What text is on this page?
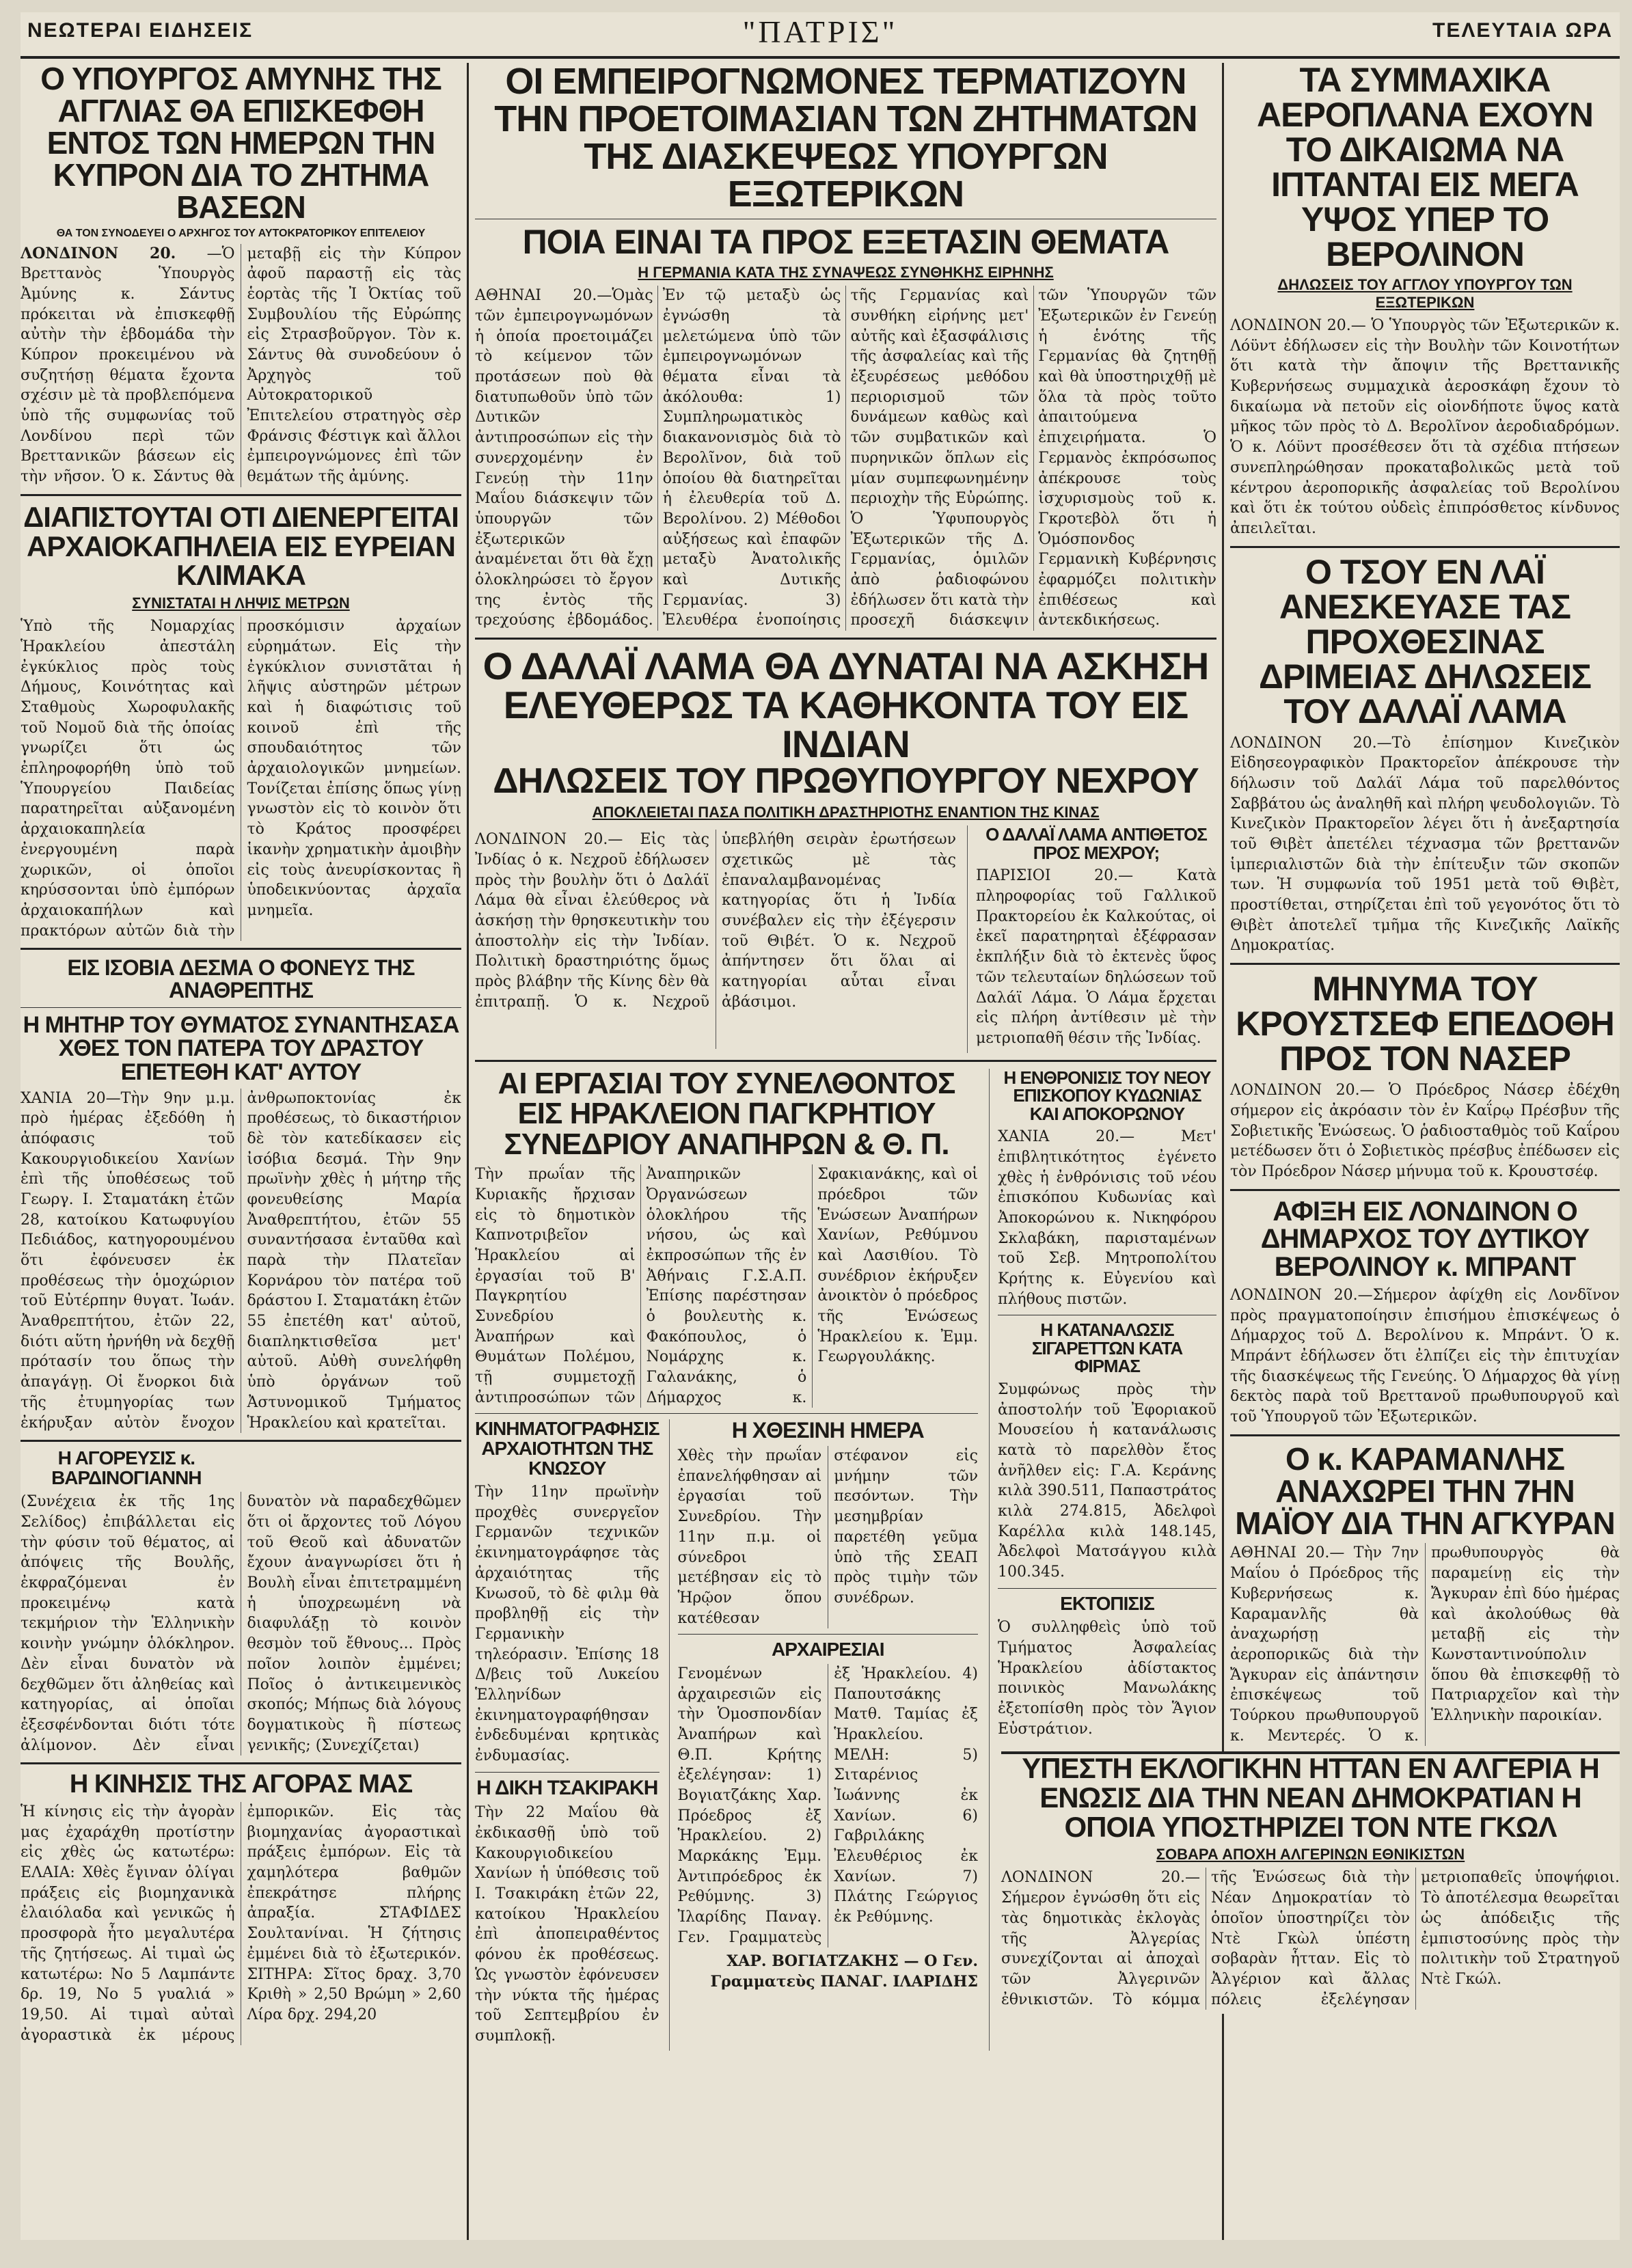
ΝΕΩΤΕΡΑΙ ΕΙΔΗΣΕΙΣ	"ΠΑΤΡΙΣ"	ΤΕΛΕΥΤΑΙΑ ΩΡΑ
Ο ΥΠΟΥΡΓΟΣ ΑΜΥΝΗΣ ΤΗΣ ΑΓΓΛΙΑΣ ΘΑ ΕΠΙΣΚΕΦΘΗ ΕΝΤΟΣ ΤΩΝ ΗΜΕΡΩΝ ΤΗΝ ΚΥΠΡΟΝ ΔΙΑ ΤΟ ΖΗΤΗΜΑ ΒΑΣΕΩΝ
ΘΑ ΤΟΝ ΣΥΝΟΔΕΥΕΙ Ο ΑΡΧΗΓΟΣ ΤΟΥ ΑΥΤΟΚΡΑΤΟΡΙΚΟΥ ΕΠΙΤΕΛΕΙΟΥ
ΛΟΝΔΙΝΟΝ 20. —Ὁ Βρεττανὸς Ὑπουργὸς Ἀμύνης κ. Σάντυς πρόκειται νὰ ἐπισκεφθῇ αὐτὴν τὴν ἑβδομάδα τὴν Κύπρον προκειμένου νὰ συζητήσῃ θέματα ἔχοντα σχέσιν μὲ τὰ προβλεπόμενα ὑπὸ τῆς συμφωνίας τοῦ Λονδίνου περὶ τῶν Βρεττανικῶν βάσεων εἰς τὴν νῆσον. Ὁ κ. Σάντυς θὰ μεταβῇ εἰς τὴν Κύπρον ἀφοῦ παραστῇ εἰς τὰς ἑορτὰς τῆς Ἰ Ὀκτίας τοῦ Συμβουλίου τῆς Εὐρώπης εἰς Στρασβοῦργον. Τὸν κ. Σάντυς θὰ συνοδεύουν ὁ Ἀρχηγὸς τοῦ Αὐτοκρατορικοῦ Ἐπιτελείου στρατηγὸς σὲρ Φράνσις Φέστιγκ καὶ ἄλλοι ἐμπειρογνώμονες ἐπὶ τῶν θεμάτων τῆς ἀμύνης.
ΔΙΑΠΙΣΤΟΥΤΑΙ ΟΤΙ ΔΙΕΝΕΡΓΕΙΤΑΙ ΑΡΧΑΙΟΚΑΠΗΛΕΙΑ ΕΙΣ ΕΥΡΕΙΑΝ ΚΛΙΜΑΚΑ
ΣΥΝΙΣΤΑΤΑΙ Η ΛΗΨΙΣ ΜΕΤΡΩΝ
Ὑπὸ τῆς Νομαρχίας Ἡρακλείου ἀπεστάλη ἐγκύκλιος πρὸς τοὺς Δήμους, Κοινότητας καὶ Σταθμοὺς Χωροφυλακῆς τοῦ Νομοῦ διὰ τῆς ὁποίας γνωρίζει ὅτι ὡς ἐπληροφορήθη ὑπὸ τοῦ Ὑπουργείου Παιδείας παρατηρεῖται αὐξανομένη ἀρχαιοκαπηλεία ἐνεργουμένη παρὰ χωρικῶν, οἱ ὁποῖοι κηρύσσονται ὑπὸ ἐμπόρων ἀρχαιοκαπήλων καὶ πρακτόρων αὐτῶν διὰ τὴν προσκόμισιν ἀρχαίων εὑρημάτων. Εἰς τὴν ἐγκύκλιον συνιστᾶται ἡ λῆψις αὐστηρῶν μέτρων καὶ ἡ διαφώτισις τοῦ κοινοῦ ἐπὶ τῆς σπουδαιότητος τῶν ἀρχαιολογικῶν μνημείων. Τονίζεται ἐπίσης ὅπως γίνῃ γνωστὸν εἰς τὸ κοινὸν ὅτι τὸ Κράτος προσφέρει ἱκανὴν χρηματικὴν ἀμοιβὴν εἰς τοὺς ἀνευρίσκοντας ἢ ὑποδεικνύοντας ἀρχαῖα μνημεῖα.
ΕΙΣ ΙΣΟΒΙΑ ΔΕΣΜΑ Ο ΦΟΝΕΥΣ ΤΗΣ ΑΝΑΘΡΕΠΤΗΣ
Η ΜΗΤΗΡ ΤΟΥ ΘΥΜΑΤΟΣ ΣΥΝΑΝΤΗΣΑΣΑ ΧΘΕΣ ΤΟΝ ΠΑΤΕΡΑ ΤΟΥ ΔΡΑΣΤΟΥ ΕΠΕΤΕΘΗ ΚΑΤ' ΑΥΤΟΥ
ΧΑΝΙΑ 20—Τὴν 9ην μ.μ. πρὸ ἡμέρας ἐξεδόθη ἡ ἀπόφασις τοῦ Κακουργιοδικείου Χανίων ἐπὶ τῆς ὑποθέσεως τοῦ Γεωργ. Ι. Σταματάκη ἐτῶν 28, κατοίκου Κατωφυγίου Πεδιάδος, κατηγορουμένου ὅτι ἐφόνευσεν ἐκ προθέσεως τὴν ὁμοχώριον τοῦ Εὐτέρπην θυγατ. Ἰωάν. Ἀναθρεπτήτου, ἐτῶν 22, διότι αὕτη ἠρνήθη νὰ δεχθῇ πρότασίν του ὅπως τὴν ἀπαγάγῃ. Οἱ ἔνορκοι διὰ τῆς ἐτυμηγορίας των ἐκήρυξαν αὐτὸν ἔνοχον ἀνθρωποκτονίας ἐκ προθέσεως, τὸ δικαστήριον δὲ τὸν κατεδίκασεν εἰς ἰσόβια δεσμά. Τὴν 9ην πρωϊνὴν χθὲς ἡ μήτηρ τῆς φονευθείσης Μαρία Ἀναθρεπτήτου, ἐτῶν 55 συναντήσασα ἐνταῦθα καὶ παρὰ τὴν Πλατεῖαν Κορνάρου τὸν πατέρα τοῦ δράστου Ι. Σταματάκη ἐτῶν 55 ἐπετέθη κατ' αὐτοῦ, διαπληκτισθεῖσα μετ' αὐτοῦ. Αὐθὴ συνελήφθη ὑπὸ ὀργάνων τοῦ Ἀστυνομικοῦ Τμήματος Ἡρακλείου καὶ κρατεῖται.
Η ΑΓΟΡΕΥΣΙΣ κ. ΒΑΡΔΙΝΟΓΙΑΝΝΗ
(Συνέχεια ἐκ τῆς 1ης Σελίδος) ἐπιβάλλεται εἰς τὴν φύσιν τοῦ θέματος, αἱ ἀπόψεις τῆς Βουλῆς, ἐκφραζόμεναι ἐν προκειμένῳ κατὰ τεκμήριον τὴν Ἑλληνικὴν κοινὴν γνώμην ὁλόκληρον. Δὲν εἶναι δυνατὸν νὰ δεχθῶμεν ὅτι ἀληθείας καὶ κατηγορίας, αἱ ὁποῖαι ἐξεσφένδονται διότι τότε ἀλίμονον. Δὲν εἶναι δυνατὸν νὰ παραδεχθῶμεν ὅτι οἱ ἄρχοντες τοῦ Λόγου τοῦ Θεοῦ καὶ ἀδυνατῶν ἔχουν ἀναγνωρίσει ὅτι ἡ Βουλὴ εἶναι ἐπιτετραμμένη ἡ ὑποχρεωμένη νὰ διαφυλάξῃ τὸ κοινὸν θεσμὸν τοῦ ἔθνους... Πρὸς ποῖον λοιπὸν ἐμμένει; Ποῖος ὁ ἀντικειμενικὸς σκοπός; Μήπως διὰ λόγους δογματικοὺς ἢ πίστεως γενικῆς; (Συνεχίζεται)
Η ΚΙΝΗΣΙΣ ΤΗΣ ΑΓΟΡΑΣ ΜΑΣ
Ἡ κίνησις εἰς τὴν ἀγορὰν μας ἐχαράχθη προτίστην εἰς χθὲς ὡς κατωτέρω: ΕΛΑΙΑ: Χθὲς ἔγιναν ὀλίγαι πράξεις εἰς βιομηχανικὰ ἐλαιόλαδα καὶ γενικῶς ἡ προσφορὰ ἦτο μεγαλυτέρα τῆς ζητήσεως. Αἱ τιμαὶ ὡς κατωτέρω: Νο 5 Λαμπάντε δρ. 19, Νο 5 γυαλιά » 19,50. Αἱ τιμαὶ αὐταὶ ἀγοραστικὰ ἐκ μέρους ἐμπορικῶν. Εἰς τὰς βιομηχανίας ἀγοραστικαὶ πράξεις ἐμπόρων. Εἰς τὰ χαμηλότερα βαθμῶν ἐπεκράτησε πλήρης ἀπραξία. ΣΤΑΦΙΔΕΣ Σουλτανίναι. Ἡ ζήτησις ἐμμένει διὰ τὸ ἐξωτερικόν. ΣΙΤΗΡΑ: Σῖτος δραχ. 3,70 Κριθὴ » 2,50 Βρώμη » 2,60 Λίρα δρχ. 294,20
ΟΙ ΕΜΠΕΙΡΟΓΝΩΜΟΝΕΣ ΤΕΡΜΑΤΙΖΟΥΝ ΤΗΝ ΠΡΟΕΤΟΙΜΑΣΙΑΝ ΤΩΝ ΖΗΤΗΜΑΤΩΝ ΤΗΣ ΔΙΑΣΚΕΨΕΩΣ ΥΠΟΥΡΓΩΝ ΕΞΩΤΕΡΙΚΩΝ
ΠΟΙΑ ΕΙΝΑΙ ΤΑ ΠΡΟΣ ΕΞΕΤΑΣΙΝ ΘΕΜΑΤΑ
Η ΓΕΡΜΑΝΙΑ ΚΑΤΑ ΤΗΣ ΣΥΝΑΨΕΩΣ ΣΥΝΘΗΚΗΣ ΕΙΡΗΝΗΣ
ΑΘΗΝΑΙ 20.—Ὁμὰς τῶν ἐμπειρογνωμόνων ἡ ὁποία προετοιμάζει τὸ κείμενον τῶν προτάσεων ποὺ θὰ διατυπωθοῦν ὑπὸ τῶν Δυτικῶν ἀντιπροσώπων εἰς τὴν συνερχομένην ἐν Γενεύῃ τὴν 11ην Μαΐου διάσκεψιν τῶν ὑπουργῶν τῶν ἐξωτερικῶν ἀναμένεται ὅτι θὰ ἔχῃ ὁλοκληρώσει τὸ ἔργον της ἐντὸς τῆς τρεχούσης ἑβδομάδος. Ἐν τῷ μεταξὺ ὡς ἐγνώσθη τὰ μελετώμενα ὑπὸ τῶν ἐμπειρογνωμόνων θέματα εἶναι τὰ ἀκόλουθα: 1) Συμπληρωματικὸς διακανονισμὸς διὰ τὸ Βερολῖνον, διὰ τοῦ ὁποίου θὰ διατηρεῖται ἡ ἐλευθερία τοῦ Δ. Βερολίνου. 2) Μέθοδοι αὐξήσεως καὶ ἐπαφῶν μεταξὺ Ἀνατολικῆς καὶ Δυτικῆς Γερμανίας. 3) Ἐλευθέρα ἑνοποίησις τῆς Γερμανίας καὶ συνθήκη εἰρήνης μετ' αὐτῆς καὶ ἐξασφάλισις τῆς ἀσφαλείας καὶ τῆς ἐξευρέσεως μεθόδου περιορισμοῦ τῶν δυνάμεων καθὼς καὶ τῶν συμβατικῶν καὶ πυρηνικῶν ὅπλων εἰς μίαν συμπεφωνημένην περιοχὴν τῆς Εὐρώπης. Ὁ Ὑφυπουργὸς Ἐξωτερικῶν τῆς Δ. Γερμανίας, ὁμιλῶν ἀπὸ ῥαδιοφώνου ἐδήλωσεν ὅτι κατὰ τὴν προσεχῆ διάσκεψιν τῶν Ὑπουργῶν τῶν Ἐξωτερικῶν ἐν Γενεύῃ ἡ ἑνότης τῆς Γερμανίας θὰ ζητηθῇ καὶ θὰ ὑποστηριχθῇ μὲ ὅλα τὰ πρὸς τοῦτο ἀπαιτούμενα ἐπιχειρήματα. Ὁ Γερμανὸς ἐκπρόσωπος ἀπέκρουσε τοὺς ἰσχυρισμοὺς τοῦ κ. Γκροτεβὸλ ὅτι ἡ Ὁμόσπονδος Γερμανικὴ Κυβέρνησις ἐφαρμόζει πολιτικὴν ἐπιθέσεως καὶ ἀντεκδικήσεως.
Ο ΔΑΛΑΪ ΛΑΜΑ ΘΑ ΔΥΝΑΤΑΙ ΝΑ ΑΣΚΗΣΗ
ΕΛΕΥΘΕΡΩΣ ΤΑ ΚΑΘΗΚΟΝΤΑ ΤΟΥ ΕΙΣ ΙΝΔΙΑΝ
ΔΗΛΩΣΕΙΣ ΤΟΥ ΠΡΩΘΥΠΟΥΡΓΟΥ ΝΕΧΡΟΥ
ΑΠΟΚΛΕΙΕΤΑΙ ΠΑΣΑ ΠΟΛΙΤΙΚΗ ΔΡΑΣΤΗΡΙΟΤΗΣ ΕΝΑΝΤΙΟΝ ΤΗΣ ΚΙΝΑΣ
ΛΟΝΔΙΝΟΝ 20.— Εἰς τὰς Ἰνδίας ὁ κ. Νεχροῦ ἐδήλωσεν πρὸς τὴν βουλὴν ὅτι ὁ Δαλάϊ Λάμα θὰ εἶναι ἐλεύθερος νὰ ἀσκήσῃ τὴν θρησκευτικὴν του ἀποστολὴν εἰς τὴν Ἰνδίαν. Πολιτικὴ δραστηριότης ὅμως πρὸς βλάβην τῆς Κίνης δὲν θὰ ἐπιτραπῇ. Ὁ κ. Νεχροῦ ὑπεβλήθη σειρὰν ἐρωτήσεων σχετικῶς μὲ τὰς ἐπαναλαμβανομένας κατηγορίας ὅτι ἡ Ἰνδία συνέβαλεν εἰς τὴν ἐξέγερσιν τοῦ Θιβέτ. Ὁ κ. Νεχροῦ ἀπήντησεν ὅτι ὅλαι αἱ κατηγορίαι αὗται εἶναι ἀβάσιμοι.
Ο ΔΑΛΑΪ ΛΑΜΑ ΑΝΤΙΘΕΤΟΣ ΠΡΟΣ ΜΕΧΡΟΥ;
ΠΑΡΙΣΙΟΙ 20.— Κατὰ πληροφορίας τοῦ Γαλλικοῦ Πρακτορείου ἐκ Καλκούτας, οἱ ἐκεῖ παρατηρηταὶ ἐξέφρασαν ἐκπλήξιν διὰ τὸ ἐκτενὲς ὕφος τῶν τελευταίων δηλώσεων τοῦ Δαλάϊ Λάμα. Ὁ Λάμα ἔρχεται εἰς πλήρη ἀντίθεσιν μὲ τὴν μετριοπαθῆ θέσιν τῆς Ἰνδίας.
ΑΙ ΕΡΓΑΣΙΑΙ ΤΟΥ ΣΥΝΕΛΘΟΝΤΟΣ ΕΙΣ ΗΡΑΚΛΕΙΟΝ ΠΑΓΚΡΗΤΙΟΥ ΣΥΝΕΔΡΙΟΥ ΑΝΑΠΗΡΩΝ & Θ. Π.
Τὴν πρωΐαν τῆς Κυριακῆς ἤρχισαν εἰς τὸ δημοτικὸν Καπνοτριβεῖον Ἡρακλείου αἱ ἐργασίαι τοῦ Β' Παγκρητίου Συνεδρίου Ἀναπήρων καὶ Θυμάτων Πολέμου, τῇ συμμετοχῇ ἀντιπροσώπων τῶν Ἀναπηρικῶν Ὀργανώσεων ὁλοκλήρου τῆς νήσου, ὡς καὶ ἐκπροσώπων τῆς ἐν Ἀθήναις Γ.Σ.Α.Π. Ἐπίσης παρέστησαν ὁ βουλευτὴς κ. Φακόπουλος, ὁ Νομάρχης κ. Γαλανάκης, ὁ Δήμαρχος κ. Σφακιανάκης, καὶ οἱ πρόεδροι τῶν Ἑνώσεων Ἀναπήρων Χανίων, Ρεθύμνου καὶ Λασιθίου. Τὸ συνέδριον ἐκήρυξεν ἀνοικτὸν ὁ πρόεδρος τῆς Ἑνώσεως Ἡρακλείου κ. Ἐμμ. Γεωργουλάκης.
ΚΙΝΗΜΑΤΟΓΡΑΦΗΣΙΣ ΑΡΧΑΙΟΤΗΤΩΝ ΤΗΣ ΚΝΩΣΟΥ
Τὴν 11ην πρωϊνὴν προχθὲς συνεργεῖον Γερμανῶν τεχνικῶν ἐκινηματογράφησε τὰς ἀρχαιότητας τῆς Κνωσοῦ, τὸ δὲ φιλμ θὰ προβληθῇ εἰς τὴν Γερμανικὴν τηλεόρασιν. Ἐπίσης 18 Δ/βεις τοῦ Λυκείου Ἑλληνίδων ἐκινηματογραφήθησαν ἐνδεδυμέναι κρητικὰς ἐνδυμασίας.
Η ΔΙΚΗ ΤΣΑΚΙΡΑΚΗ
Τὴν 22 Μαΐου θὰ ἐκδικασθῇ ὑπὸ τοῦ Κακουργιοδικείου Χανίων ἡ ὑπόθεσις τοῦ Ι. Τσακιράκη ἐτῶν 22, κατοίκου Ἡρακλείου ἐπὶ ἀποπειραθέντος φόνου ἐκ προθέσεως. Ὡς γνωστὸν ἐφόνευσεν τὴν νύκτα τῆς ἡμέρας τοῦ Σεπτεμβρίου ἐν συμπλοκῇ.
Η ΧΘΕΣΙΝΗ ΗΜΕΡΑ
Χθὲς τὴν πρωΐαν ἐπανελήφθησαν αἱ ἐργασίαι τοῦ Συνεδρίου. Τὴν 11ην π.μ. οἱ σύνεδροι μετέβησαν εἰς τὸ Ἡρῷον ὅπου κατέθεσαν στέφανον εἰς μνήμην τῶν πεσόντων. Τὴν μεσημβρίαν παρετέθη γεῦμα ὑπὸ τῆς ΣΕΑΠ πρὸς τιμὴν τῶν συνέδρων.
ΑΡΧΑΙΡΕΣΙΑΙ
Γενομένων ἀρχαιρεσιῶν εἰς τὴν Ὁμοσπονδίαν Ἀναπήρων καὶ Θ.Π. Κρήτης ἐξελέγησαν: 1) Βογιατζάκης Χαρ. Πρόεδρος ἐξ Ἡρακλείου. 2) Μαρκάκης Ἐμμ. Ἀντιπρόεδρος ἐκ Ρεθύμνης. 3) Ἰλαρίδης Παναγ. Γεν. Γραμματεὺς ἐξ Ἡρακλείου. 4) Παπουτσάκης Ματθ. Ταμίας ἐξ Ἡρακλείου. ΜΕΛΗ: 5) Σιταρένιος Ἰωάννης ἐκ Χανίων. 6) Γαβριλάκης Ἐλευθέριος ἐκ Χανίων. 7) Πλάτης Γεώργιος ἐκ Ρεθύμνης.
ΧΑΡ. ΒΟΓΙΑΤΖΑΚΗΣ — Ο Γεν. Γραμματεὺς ΠΑΝΑΓ. ΙΛΑΡΙΔΗΣ
Η ΕΝΘΡΟΝΙΣΙΣ ΤΟΥ ΝΕΟΥ ΕΠΙΣΚΟΠΟΥ ΚΥΔΩΝΙΑΣ ΚΑΙ ΑΠΟΚΟΡΩΝΟΥ
ΧΑΝΙΑ 20.— Μετ' ἐπιβλητικότητος ἐγένετο χθὲς ἡ ἐνθρόνισις τοῦ νέου ἐπισκόπου Κυδωνίας καὶ Ἀποκορώνου κ. Νικηφόρου Σκλαβάκη, παρισταμένων τοῦ Σεβ. Μητροπολίτου Κρήτης κ. Εὐγενίου καὶ πλήθους πιστῶν.
Η ΚΑΤΑΝΑΛΩΣΙΣ ΣΙΓΑΡΕΤΤΩΝ ΚΑΤΑ ΦΙΡΜΑΣ
Συμφώνως πρὸς τὴν ἀποστολήν τοῦ Ἐφοριακοῦ Μουσείου ἡ κατανάλωσις κατὰ τὸ παρελθὸν ἔτος ἀνῆλθεν εἰς: Γ.Α. Κεράνης κιλὰ 390.511, Παπαστράτος κιλὰ 274.815, Ἀδελφοὶ Καρέλλα κιλὰ 148.145, Ἀδελφοὶ Ματσάγγου κιλὰ 100.345.
ΕΚΤΟΠΙΣΙΣ
Ὁ συλληφθεὶς ὑπὸ τοῦ Τμήματος Ἀσφαλείας Ἡρακλείου ἀδίστακτος ποινικὸς Μανωλάκης ἐξετοπίσθη πρὸς τὸν Ἅγιον Εὐστράτιον.
ΤΑ ΣΥΜΜΑΧΙΚΑ ΑΕΡΟΠΛΑΝΑ ΕΧΟΥΝ ΤΟ ΔΙΚΑΙΩΜΑ ΝΑ ΙΠΤΑΝΤΑΙ ΕΙΣ ΜΕΓΑ ΥΨΟΣ ΥΠΕΡ ΤΟ ΒΕΡΟΛΙΝΟΝ
ΔΗΛΩΣΕΙΣ ΤΟΥ ΑΓΓΛΟΥ ΥΠΟΥΡΓΟΥ ΤΩΝ ΕΞΩΤΕΡΙΚΩΝ
ΛΟΝΔΙΝΟΝ 20.— Ὁ Ὑπουργὸς τῶν Ἐξωτερικῶν κ. Λόϋντ ἐδήλωσεν εἰς τὴν Βουλὴν τῶν Κοινοτήτων ὅτι κατὰ τὴν ἄποψιν τῆς Βρεττανικῆς Κυβερνήσεως συμμαχικὰ ἀεροσκάφη ἔχουν τὸ δικαίωμα νὰ πετοῦν εἰς οἱονδήποτε ὕψος κατὰ μῆκος τῶν πρὸς τὸ Δ. Βερολῖνον ἀεροδιαδρόμων. Ὁ κ. Λόϋντ προσέθεσεν ὅτι τὰ σχέδια πτήσεων συνεπληρώθησαν προκαταβολικῶς μετὰ τοῦ κέντρου ἀεροπορικῆς ἀσφαλείας τοῦ Βερολίνου καὶ ὅτι ἐκ τούτου οὐδεὶς ἐπιπρόσθετος κίνδυνος ἀπειλεῖται.
Ο ΤΣΟΥ ΕΝ ΛΑΪ ΑΝΕΣΚΕΥΑΣΕ ΤΑΣ ΠΡΟΧΘΕΣΙΝΑΣ ΔΡΙΜΕΙΑΣ ΔΗΛΩΣΕΙΣ ΤΟΥ ΔΑΛΑΪ ΛΑΜΑ
ΛΟΝΔΙΝΟΝ 20.—Τὸ ἐπίσημον Κινεζικὸν Εἰδησεογραφικὸν Πρακτορεῖον ἀπέκρουσε τὴν δήλωσιν τοῦ Δαλάϊ Λάμα τοῦ παρελθόντος Σαββάτου ὡς ἀναληθῆ καὶ πλήρη ψευδολογιῶν. Τὸ Κινεζικὸν Πρακτορεῖον λέγει ὅτι ἡ ἀνεξαρτησία τοῦ Θιβὲτ ἀπετέλει τέχνασμα τῶν βρεττανῶν ἱμπεριαλιστῶν διὰ τὴν ἐπίτευξιν τῶν σκοπῶν των. Ἡ συμφωνία τοῦ 1951 μετὰ τοῦ Θιβὲτ, προστίθεται, στηρίζεται ἐπὶ τοῦ γεγονότος ὅτι τὸ Θιβὲτ ἀποτελεῖ τμῆμα τῆς Κινεζικῆς Λαϊκῆς Δημοκρατίας.
ΜΗΝΥΜΑ ΤΟΥ ΚΡΟΥΣΤΣΕΦ ΕΠΕΔΟΘΗ ΠΡΟΣ ΤΟΝ ΝΑΣΕΡ
ΛΟΝΔΙΝΟΝ 20.— Ὁ Πρόεδρος Νάσερ ἐδέχθη σήμερον εἰς ἀκρόασιν τὸν ἐν Καΐρῳ Πρέσβυν τῆς Σοβιετικῆς Ἑνώσεως. Ὁ ῥαδιοσταθμὸς τοῦ Καΐρου μετέδωσεν ὅτι ὁ Σοβιετικὸς πρέσβυς ἐπέδωσεν εἰς τὸν Πρόεδρον Νάσερ μήνυμα τοῦ κ. Κρουστσέφ.
ΑΦΙΞΗ ΕΙΣ ΛΟΝΔΙΝΟΝ Ο ΔΗΜΑΡΧΟΣ ΤΟΥ ΔΥΤΙΚΟΥ ΒΕΡΟΛΙΝΟΥ κ. ΜΠΡΑΝΤ
ΛΟΝΔΙΝΟΝ 20.—Σήμερον ἀφίχθη εἰς Λονδῖνον πρὸς πραγματοποίησιν ἐπισήμου ἐπισκέψεως ὁ Δήμαρχος τοῦ Δ. Βερολίνου κ. Μπράντ. Ὁ κ. Μπράντ ἐδήλωσεν ὅτι ἐλπίζει εἰς τὴν ἐπιτυχίαν τῆς διασκέψεως τῆς Γενεύης. Ὁ Δήμαρχος θὰ γίνῃ δεκτὸς παρὰ τοῦ Βρεττανοῦ πρωθυπουργοῦ καὶ τοῦ Ὑπουργοῦ τῶν Ἐξωτερικῶν.
Ο κ. ΚΑΡΑΜΑΝΛΗΣ ΑΝΑΧΩΡΕΙ ΤΗΝ 7ΗΝ ΜΑΪΟΥ ΔΙΑ ΤΗΝ ΑΓΚΥΡΑΝ
ΑΘΗΝΑΙ 20.— Τὴν 7ην Μαΐου ὁ Πρόεδρος τῆς Κυβερνήσεως κ. Καραμανλῆς θὰ ἀναχωρήσῃ ἀεροπορικῶς διὰ τὴν Ἄγκυραν εἰς ἀπάντησιν ἐπισκέψεως τοῦ Τούρκου πρωθυπουργοῦ κ. Μεντερές. Ὁ κ. πρωθυπουργὸς θὰ παραμείνῃ εἰς τὴν Ἄγκυραν ἐπὶ δύο ἡμέρας καὶ ἀκολούθως θὰ μεταβῇ εἰς τὴν Κωνσταντινούπολιν ὅπου θὰ ἐπισκεφθῇ τὸ Πατριαρχεῖον καὶ τὴν Ἑλληνικὴν παροικίαν.
ΥΠΕΣΤΗ ΕΚΛΟΓΙΚΗΝ ΗΤΤΑΝ ΕΝ ΑΛΓΕΡΙΑ Η ΕΝΩΣΙΣ ΔΙΑ ΤΗΝ ΝΕΑΝ ΔΗΜΟΚΡΑΤΙΑΝ Η ΟΠΟΙΑ ΥΠΟΣΤΗΡΙΖΕΙ ΤΟΝ ΝΤΕ ΓΚΩΛ
ΣΟΒΑΡΑ ΑΠΟΧΗ ΑΛΓΕΡΙΝΩΝ ΕΘΝΙΚΙΣΤΩΝ
ΛΟΝΔΙΝΟΝ 20.— Σήμερον ἐγνώσθη ὅτι εἰς τὰς δημοτικὰς ἐκλογὰς τῆς Ἀλγερίας συνεχίζονται αἱ ἀποχαὶ τῶν Ἀλγερινῶν ἐθνικιστῶν. Τὸ κόμμα τῆς Ἑνώσεως διὰ τὴν Νέαν Δημοκρατίαν τὸ ὁποῖον ὑποστηρίζει τὸν Ντὲ Γκὼλ ὑπέστη σοβαρὰν ἧτταν. Εἰς τὸ Ἀλγέριον καὶ ἄλλας πόλεις ἐξελέγησαν μετριοπαθεῖς ὑποψήφιοι. Τὸ ἀποτέλεσμα θεωρεῖται ὡς ἀπόδειξις τῆς ἐμπιστοσύνης πρὸς τὴν πολιτικὴν τοῦ Στρατηγοῦ Ντὲ Γκώλ.
